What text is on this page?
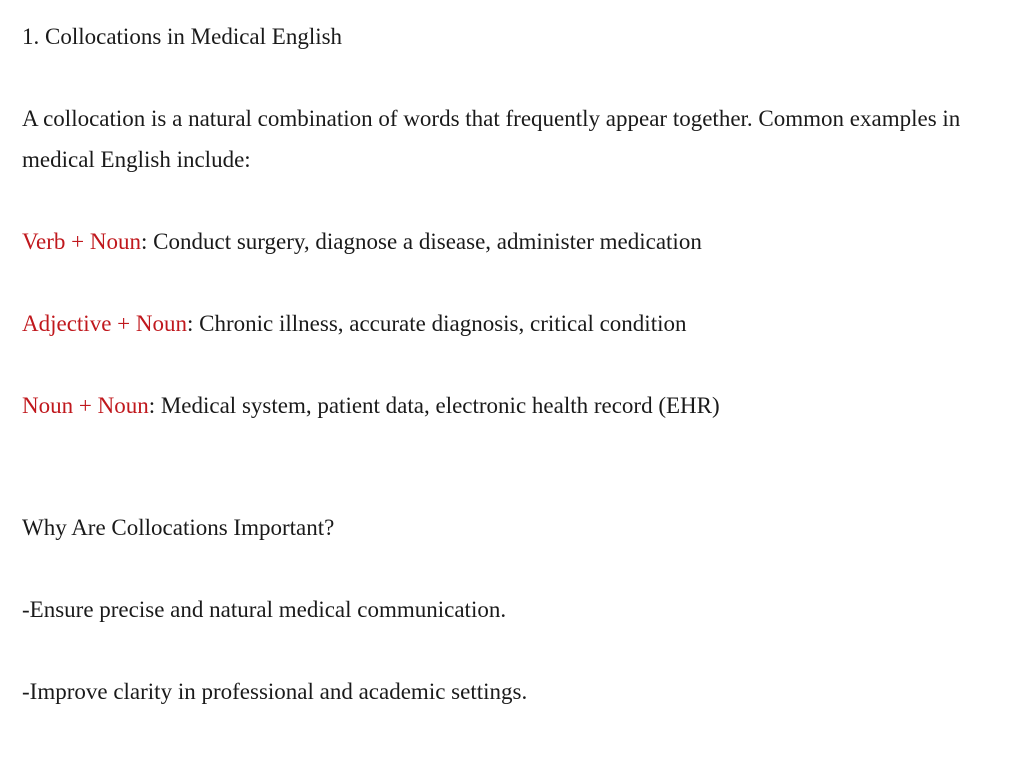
1. Collocations in Medical English
A collocation is a natural combination of words that frequently appear together. Common examples in medical English include:
Verb + Noun: Conduct surgery, diagnose a disease, administer medication
Adjective + Noun: Chronic illness, accurate diagnosis, critical condition
Noun + Noun: Medical system, patient data, electronic health record (EHR)
Why Are Collocations Important?
-Ensure precise and natural medical communication.
-Improve clarity in professional and academic settings.
